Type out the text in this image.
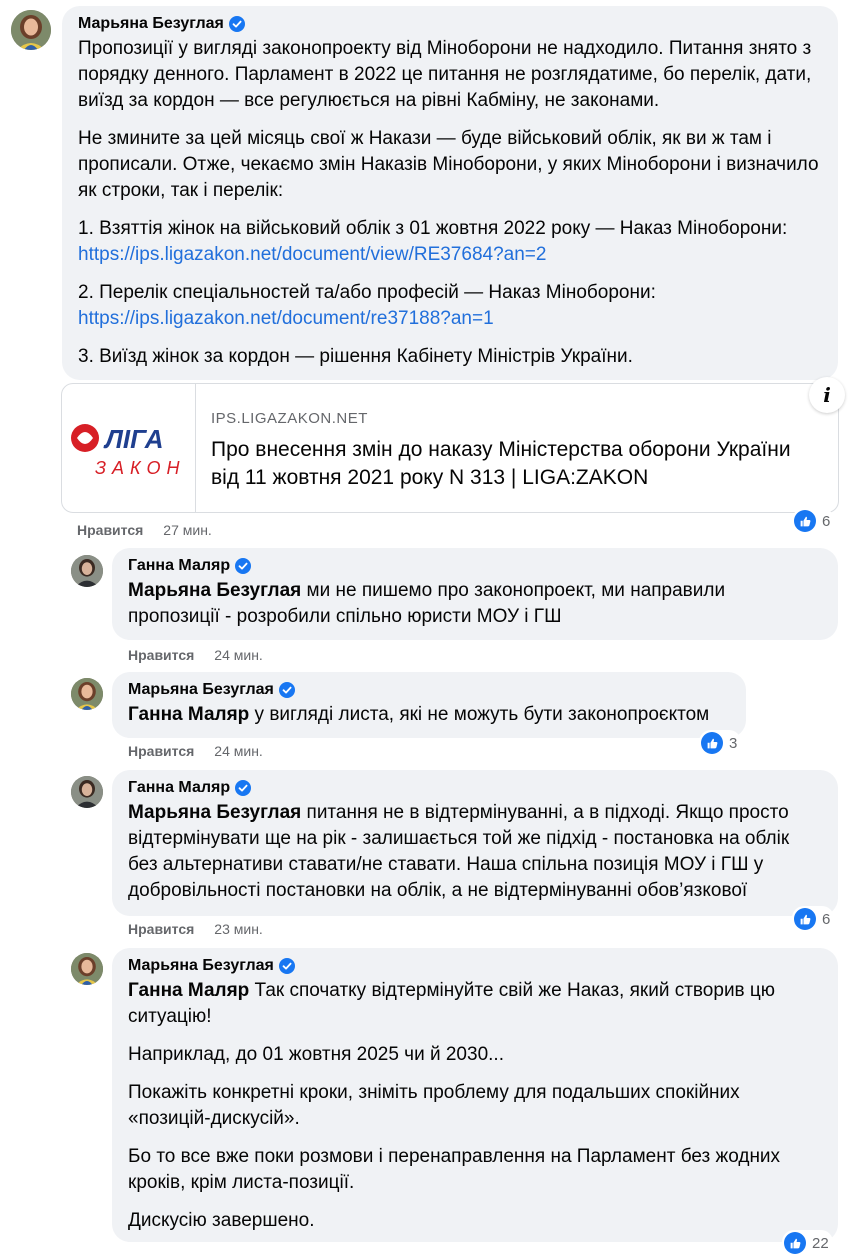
Марьяна Безуглая

Пропозиції у вигляді законопроекту від Міноборони не надходило. Питання знято з порядку денного. Парламент в 2022 це питання не розглядатиме, бо перелік, дати, виїзд за кордон — все регулюється на рівні Кабміну, не законами.

Не змините за цей місяць свої ж Накази — буде військовий облік, як ви ж там і прописали. Отже, чекаємо змін Наказів Міноборони, у яких Міноборони і визначило як строки, так і перелік:

1. Взяттія жінок на військовий облік з 01 жовтня 2022 року — Наказ Міноборони: https://ips.ligazakon.net/document/view/RE37684?an=2

2. Перелік спеціальностей та/або професій — Наказ Міноборони: https://ips.ligazakon.net/document/re37188?an=1

3. Виїзд жінок за кордон — рішення Кабінету Міністрів України.

ЛІГА
ЗАКОН
IPS.LIGAZAKON.NET
Про внесення змін до наказу Міністерства оборони України від 11 жовтня 2021 року N 313 | LIGA:ZAKON
i
Нравится 27 мин.
6
Ганна Маляр

Марьяна Безуглая ми не пишемо про законопроект, ми направили пропозиції - розробили спільно юристи МОУ і ГШ

Нравится 24 мин.
Марьяна Безуглая

Ганна Маляр у вигляді листа, які не можуть бути законопроєктом

Нравится 24 мин.	3
Ганна Маляр

Марьяна Безуглая питання не в відтермінуванні, а в підході. Якщо просто відтермінувати ще на рік - залишається той же підхід - постановка на облік без альтернативи ставати/не ставати. Наша спільна позиція МОУ і ГШ у добровільності постановки на облік, а не відтермінуванні обов’язкової

Нравится 23 мин.
6
Марьяна Безуглая

Ганна Маляр Так спочатку відтермінуйте свій же Наказ, який створив цю ситуацію!

Наприклад, до 01 жовтня 2025 чи й 2030...

Покажіть конкретні кроки, зніміть проблему для подальших спокійних «позицій-дискусій».

Бо то все вже поки розмови і перенаправлення на Парламент без жодних кроків, крім листа-позиції.

Дискусію завершено.

22
